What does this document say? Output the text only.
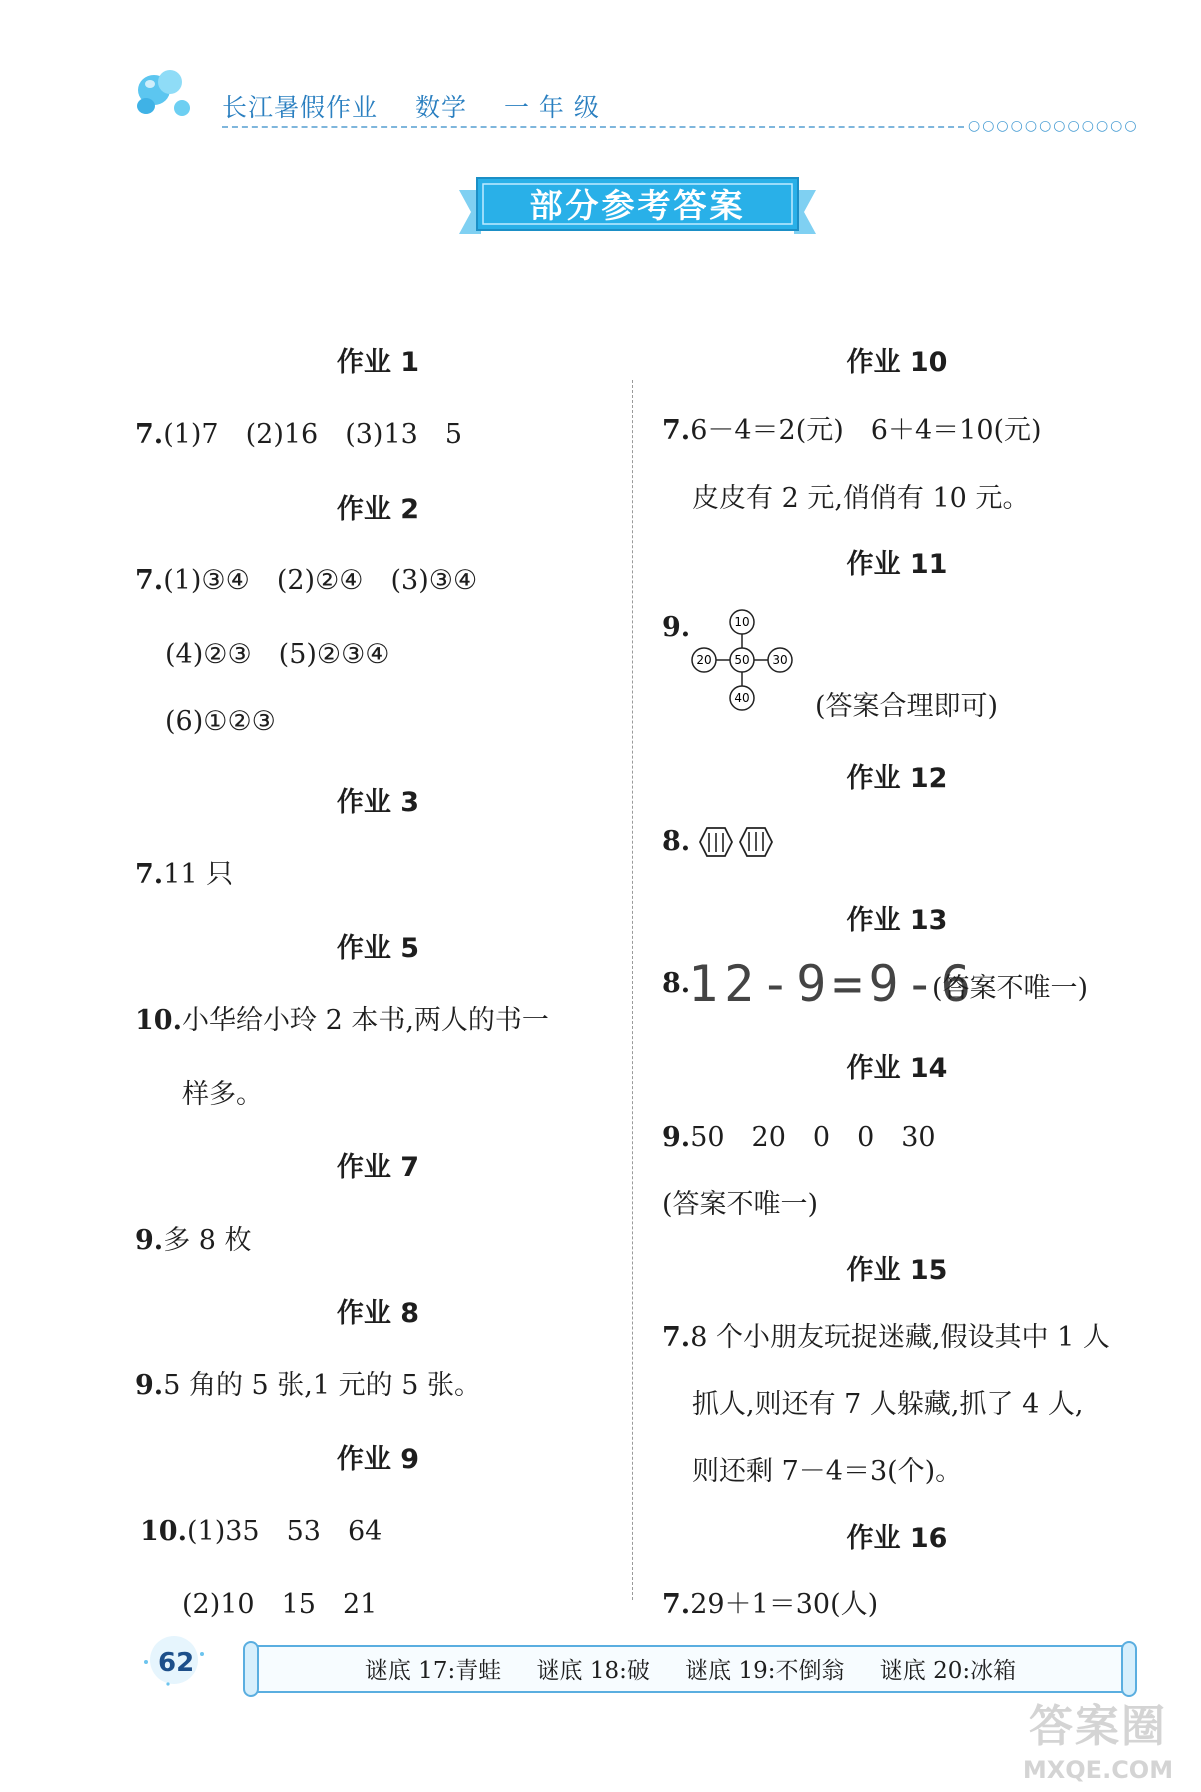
长江暑假作业 数学 一 年 级
○○○○○○○○○○○○
部分参考答案
作业 1
7.(1)7　(2)16　(3)13　5
作业 2
7.(1)③④　(2)②④　(3)③④
(4)②③　(5)②③④
(6)①②③
作业 3
7.11 只
作业 5
10.小华给小玲 2 本书,两人的书一
样多。
作业 7
9.多 8 枚
作业 8
9.5 角的 5 张,1 元的 5 张。
作业 9
10.(1)35　53　64
(2)10　15　21
作业 10
7.6－4＝2(元)　6＋4＝10(元)
皮皮有 2 元,俏俏有 10 元。
作业 11
9.	10
20 50 30
40 (答案合理即可)
作业 12
8.
作业 13
8.
12-9=9-6
(答案不唯一)
作业 14
9.50　20　0　0　30
(答案不唯一)
作业 15
7.8 个小朋友玩捉迷藏,假设其中 1 人
抓人,则还有 7 人躲藏,抓了 4 人,
则还剩 7－4＝3(个)。
作业 16
7.29＋1＝30(人)
62	谜底 17:青蛙 谜底 18:破 谜底 19:不倒翁 谜底 20:冰箱
答案圈
MXQE.COM
